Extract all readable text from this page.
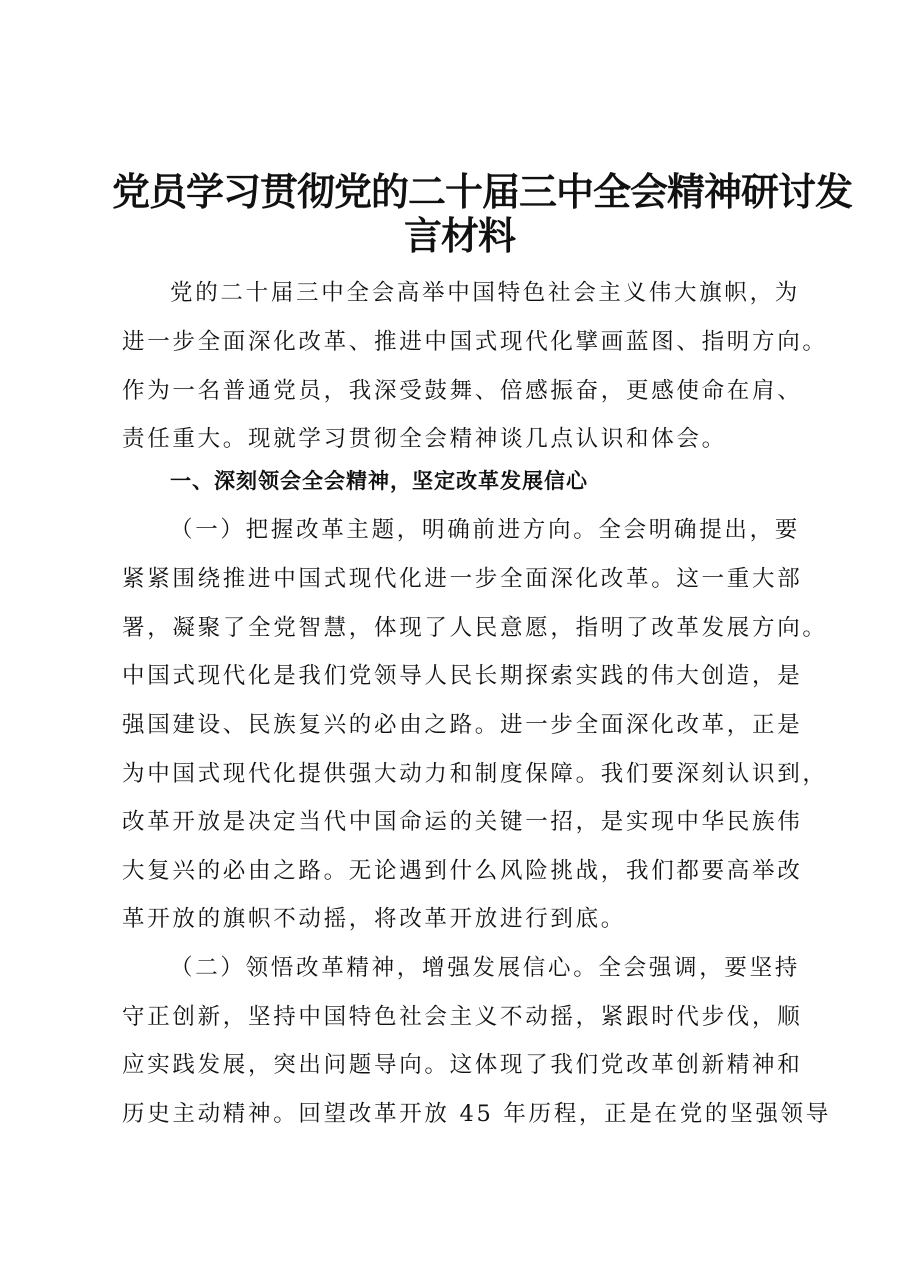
党员学习贯彻党的二十届三中全会精神研讨发
言材料

党的二十届三中全会高举中国特色社会主义伟大旗帜，为

进一步全面深化改革、推进中国式现代化擘画蓝图、指明方向。

作为一名普通党员，我深受鼓舞、倍感振奋，更感使命在肩、

责任重大。现就学习贯彻全会精神谈几点认识和体会。

一、深刻领会全会精神，坚定改革发展信心

（一）把握改革主题，明确前进方向。全会明确提出，要

紧紧围绕推进中国式现代化进一步全面深化改革。这一重大部

署，凝聚了全党智慧，体现了人民意愿，指明了改革发展方向。

中国式现代化是我们党领导人民长期探索实践的伟大创造，是

强国建设、民族复兴的必由之路。进一步全面深化改革，正是

为中国式现代化提供强大动力和制度保障。我们要深刻认识到，

改革开放是决定当代中国命运的关键一招，是实现中华民族伟

大复兴的必由之路。无论遇到什么风险挑战，我们都要高举改

革开放的旗帜不动摇，将改革开放进行到底。

（二）领悟改革精神，增强发展信心。全会强调，要坚持

守正创新，坚持中国特色社会主义不动摇，紧跟时代步伐，顺

应实践发展，突出问题导向。这体现了我们党改革创新精神和

历史主动精神。回望改革开放 45 年历程，正是在党的坚强领导
